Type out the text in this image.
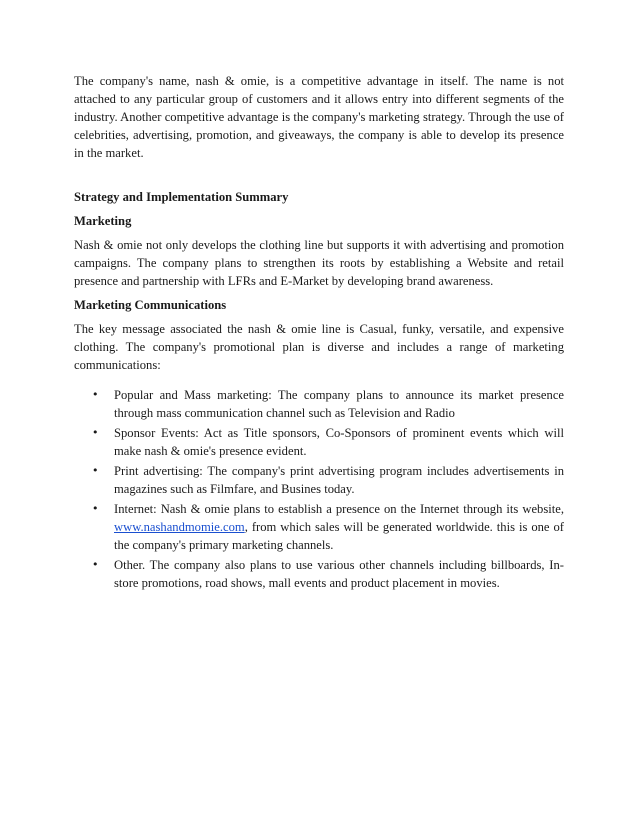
The company's name, nash & omie, is a competitive advantage in itself. The name is not attached to any particular group of customers and it allows entry into different segments of the industry. Another competitive advantage is the company's marketing strategy. Through the use of celebrities, advertising, promotion, and giveaways, the company is able to develop its presence in the market.

Strategy and Implementation Summary
Marketing

Nash & omie not only develops the clothing line but supports it with advertising and promotion campaigns. The company plans to strengthen its roots by establishing a Website and retail presence and partnership with LFRs and E-Market by developing brand awareness.

Marketing Communications

The key message associated the nash & omie line is Casual, funky, versatile, and expensive clothing. The company's promotional plan is diverse and includes a range of marketing communications:

• Popular and Mass marketing: The company plans to announce its market presence through mass communication channel such as Television and Radio
• Sponsor Events: Act as Title sponsors, Co-Sponsors of prominent events which will make nash & omie's presence evident.
• Print advertising: The company's print advertising program includes advertisements in magazines such as Filmfare, and Busines today.
• Internet: Nash & omie plans to establish a presence on the Internet through its website, www.nashandmomie.com, from which sales will be generated worldwide. this is one of the company's primary marketing channels.
• Other. The company also plans to use various other channels including billboards, In-store promotions, road shows, mall events and product placement in movies.
